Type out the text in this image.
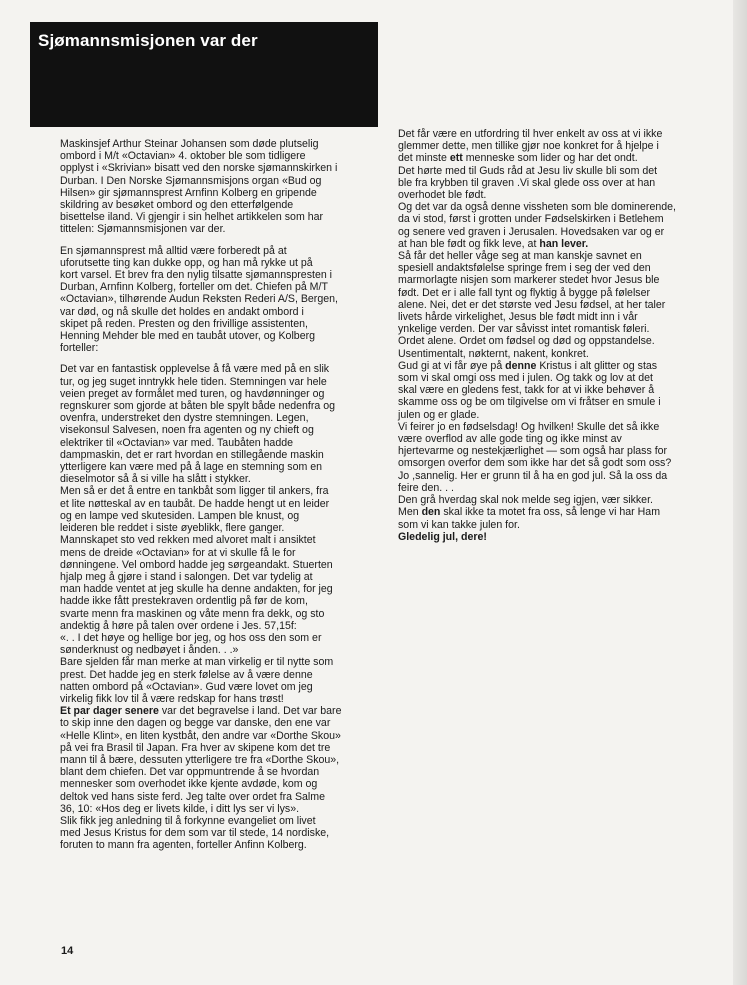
Sjømannsmisjonen var der

Maskinsjef Arthur Steinar Johansen som døde plutselig
ombord i M/t «Octavian» 4. oktober ble som tidligere
opplyst i «Skrivian» bisatt ved den norske sjømannskirken i
Durban. I Den Norske Sjømannsmisjons organ «Bud og
Hilsen» gir sjømannsprest Arnfinn Kolberg en gripende
skildring av besøket ombord og den etterfølgende
bisettelse iland. Vi gjengir i sin helhet artikkelen som har
tittelen: Sjømannsmisjonen var der.

En sjømannsprest må alltid være forberedt på at
uforutsette ting kan dukke opp, og han må rykke ut på
kort varsel. Et brev fra den nylig tilsatte sjømannspresten i
Durban, Arnfinn Kolberg, forteller om det. Chiefen på M/T
«Octavian», tilhørende Audun Reksten Rederi A/S, Bergen,
var død, og nå skulle det holdes en andakt ombord i
skipet på reden. Presten og den frivillige assistenten,
Henning Mehder ble med en taubåt utover, og Kolberg
forteller:

Det var en fantastisk opplevelse å få være med på en slik
tur, og jeg suget inntrykk hele tiden. Stemningen var hele
veien preget av formålet med turen, og havdønninger og
regnskurer som gjorde at båten ble spylt både nedenfra og
ovenfra, understreket den dystre stemningen. Legen,
visekonsul Salvesen, noen fra agenten og ny chieft og
elektriker til «Octavian» var med. Taubåten hadde
dampmaskin, det er rart hvordan en stillegående maskin
ytterligere kan være med på å lage en stemning som en
dieselmotor så å si ville ha slått i stykker.
Men så er det å entre en tankbåt som ligger til ankers, fra
et lite nøtteskal av en taubåt. De hadde hengt ut en leider
og en lampe ved skutesiden. Lampen ble knust, og
leideren ble reddet i siste øyeblikk, flere ganger.
Mannskapet sto ved rekken med alvoret malt i ansiktet
mens de dreide «Octavian» for at vi skulle få le for
dønningene. Vel ombord hadde jeg sørgeandakt. Stuerten
hjalp meg å gjøre i stand i salongen. Det var tydelig at
man hadde ventet at jeg skulle ha denne andakten, for jeg
hadde ikke fått prestekraven ordentlig på før de kom,
svarte menn fra maskinen og våte menn fra dekk, og sto
andektig å høre på talen over ordene i Jes. 57,15f:
«. . I det høye og hellige bor jeg, og hos oss den som er
sønderknust og nedbøyet i ånden. . .»
Bare sjelden får man merke at man virkelig er til nytte som
prest. Det hadde jeg en sterk følelse av å være denne
natten ombord på «Octavian». Gud være lovet om jeg
virkelig fikk lov til å være redskap for hans trøst!

Et par dager senere var det begravelse i land. Det var bare
to skip inne den dagen og begge var danske, den ene var
«Helle Klint», en liten kystbåt, den andre var «Dorthe Skou»
på vei fra Brasil til Japan. Fra hver av skipene kom det tre
mann til å bære, dessuten ytterligere tre fra «Dorthe Skou»,
blant dem chiefen. Det var oppmuntrende å se hvordan
mennesker som overhodet ikke kjente avdøde, kom og
deltok ved hans siste ferd. Jeg talte over ordet fra Salme
36, 10: «Hos deg er livets kilde, i ditt lys ser vi lys».
Slik fikk jeg anledning til å forkynne evangeliet om livet
med Jesus Kristus for dem som var til stede, 14 nordiske,
foruten to mann fra agenten, forteller Anfinn Kolberg.

Det får være en utfordring til hver enkelt av oss at vi ikke
glemmer dette, men tillike gjør noe konkret for å hjelpe i
det minste ett menneske som lider og har det ondt.
Det hørte med til Guds råd at Jesu liv skulle bli som det
ble fra krybben til graven .Vi skal glede oss over at han
overhodet ble født.
Og det var da også denne vissheten som ble dominerende,
da vi stod, først i grotten under Fødselskirken i Betlehem
og senere ved graven i Jerusalen. Hovedsaken var og er
at han ble født og fikk leve, at han lever.
Så får det heller våge seg at man kanskje savnet en
spesiell andaktsfølelse springe frem i seg der ved den
marmorlagte nisjen som markerer stedet hvor Jesus ble
født. Det er i alle fall tynt og flyktig å bygge på følelser
alene. Nei, det er det største ved Jesu fødsel, at her taler
livets hårde virkelighet, Jesus ble født midt inn i vår
ynkelige verden. Der var såvisst intet romantisk føleri.
Ordet alene. Ordet om fødsel og død og oppstandelse.
Usentimentalt, nøkternt, nakent, konkret.
Gud gi at vi får øye på denne Kristus i alt glitter og stas
som vi skal omgi oss med i julen. Og takk og lov at det
skal være en gledens fest, takk for at vi ikke behøver å
skamme oss og be om tilgivelse om vi fråtser en smule i
julen og er glade.
Vi feirer jo en fødselsdag! Og hvilken! Skulle det så ikke
være overflod av alle gode ting og ikke minst av
hjertevarme og nestekjærlighet — som også har plass for
omsorgen overfor dem som ikke har det så godt som oss?
Jo ,sannelig. Her er grunn til å ha en god jul. Så la oss da
feire den. . .
Den grå hverdag skal nok melde seg igjen, vær sikker.
Men den skal ikke ta motet fra oss, så lenge vi har Ham
som vi kan takke julen for.
Gledelig jul, dere!

14
